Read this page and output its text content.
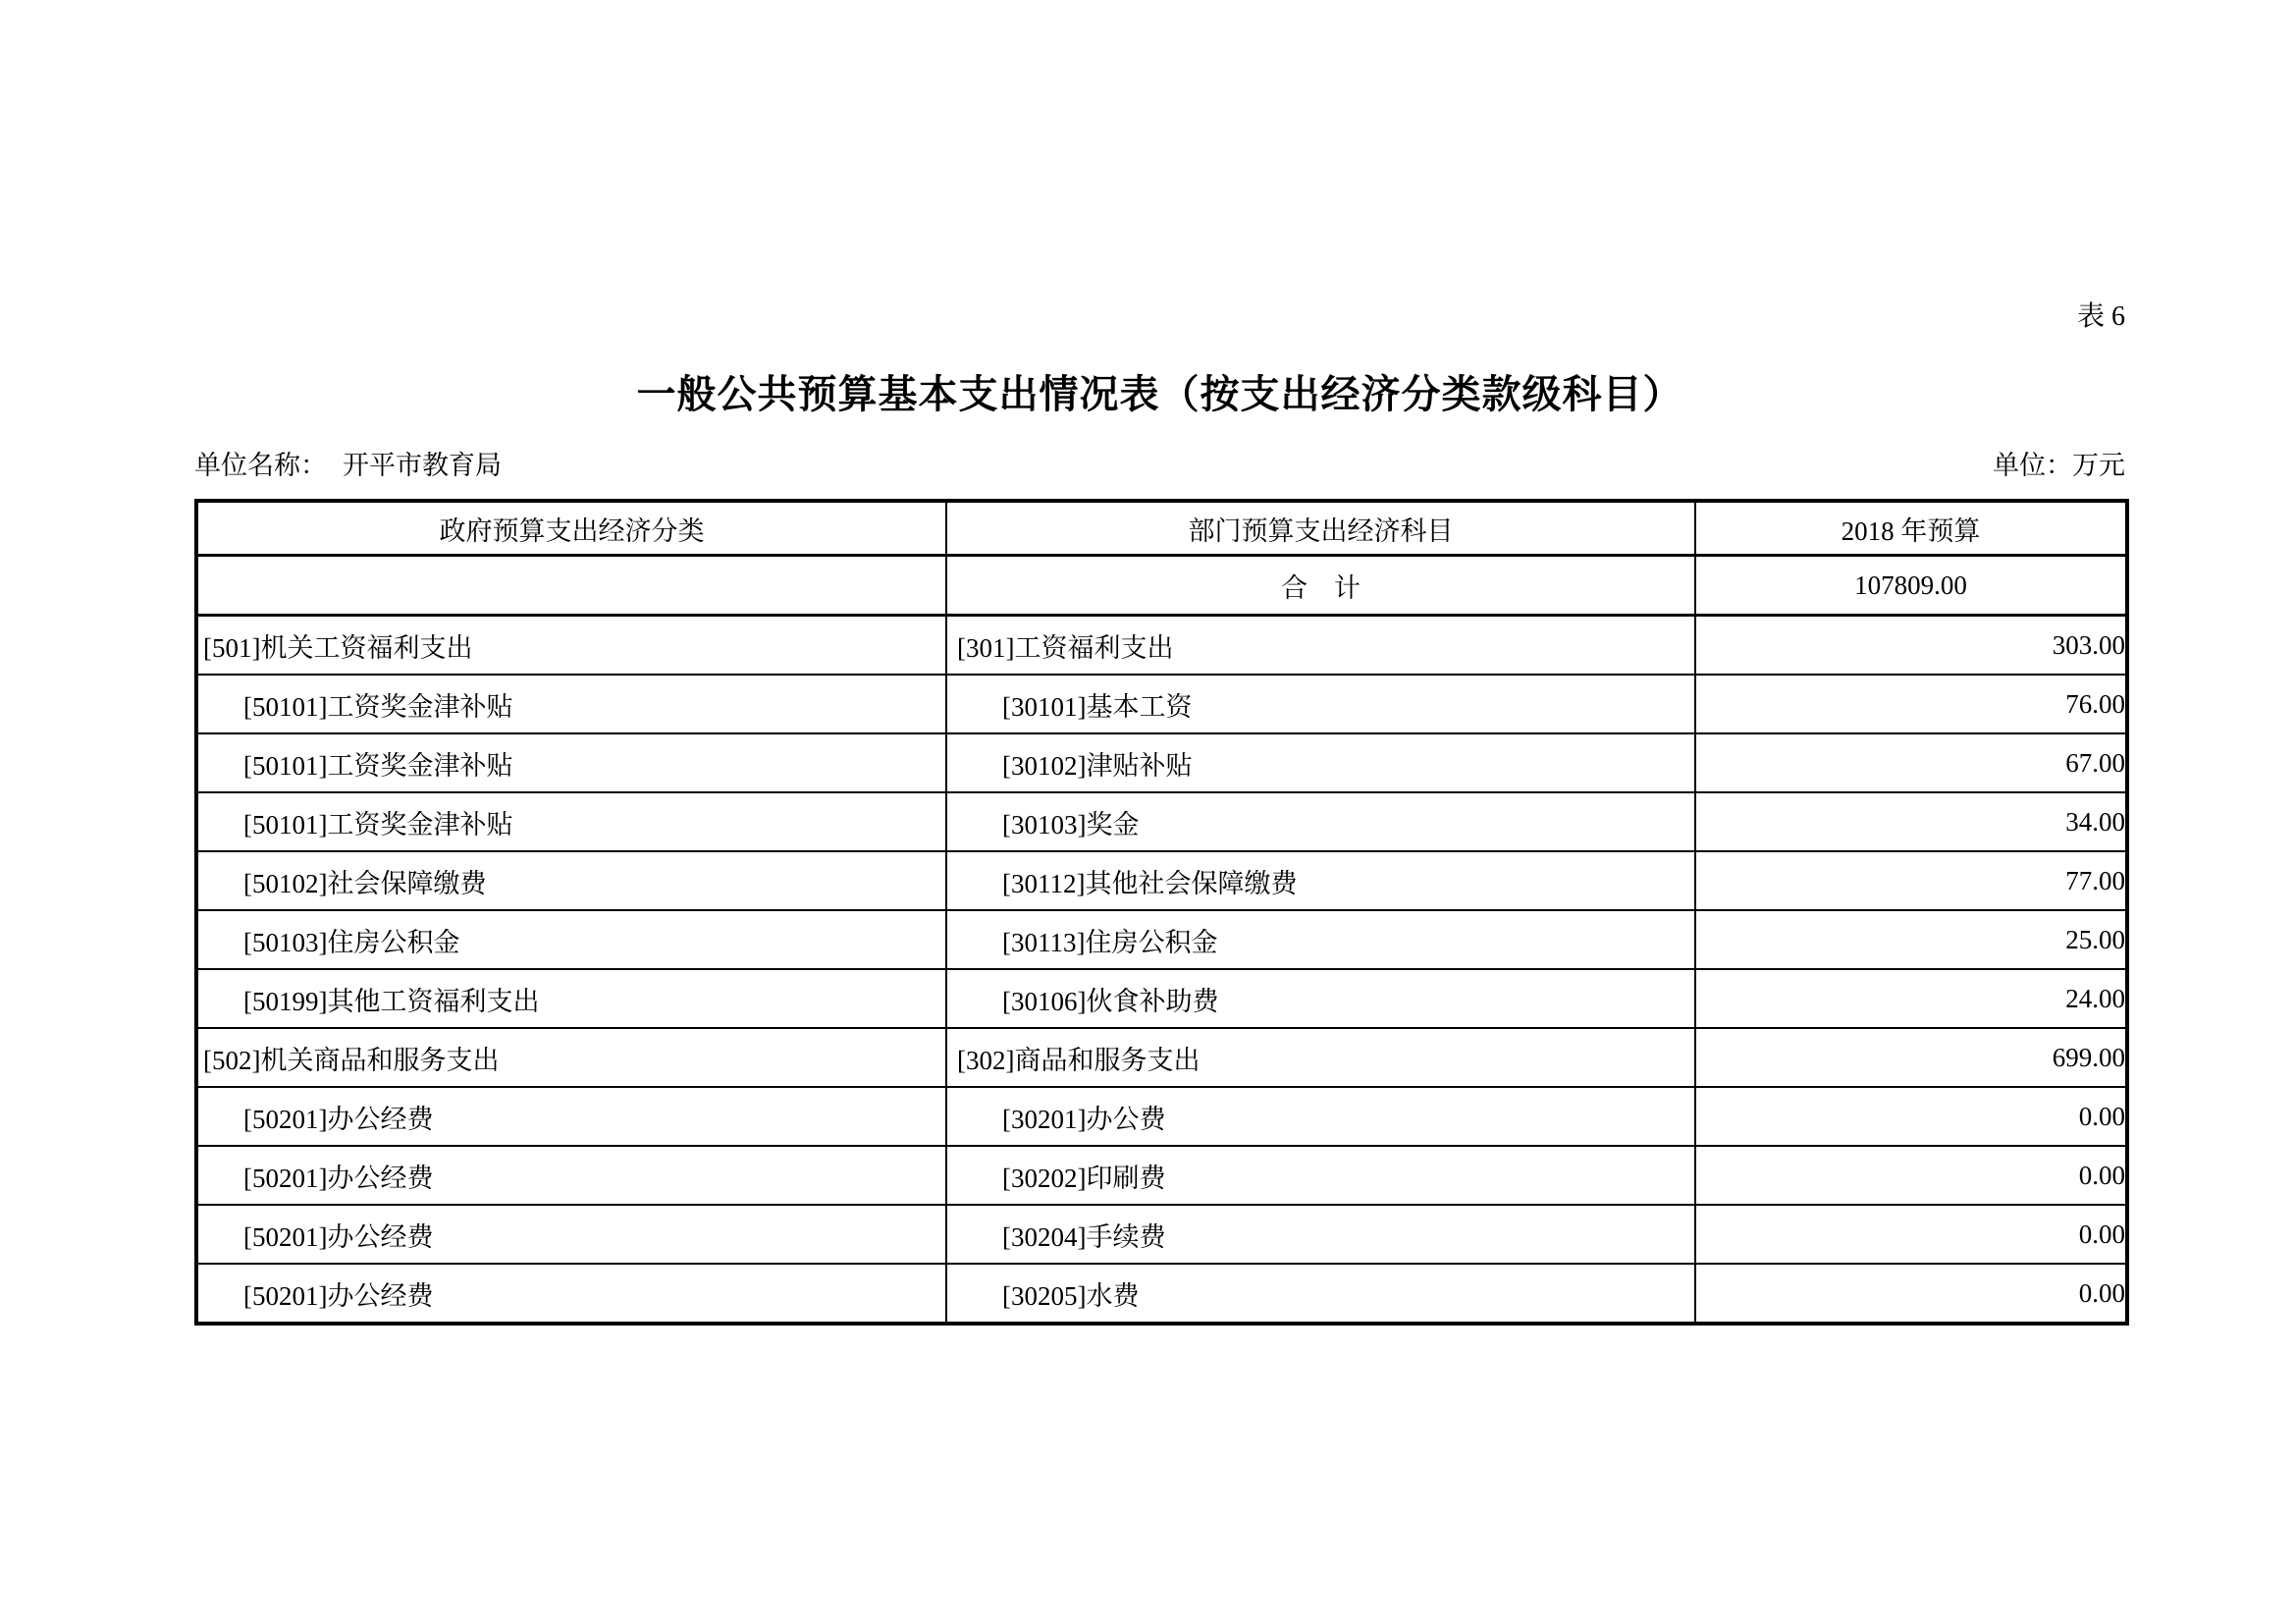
表 6
一般公共预算基本支出情况表（按支出经济分类款级科目）
单位名称： 开平市教育局	单位：万元
政府预算支出经济分类	部门预算支出经济科目	2018 年预算
	合　计	107809.00
[501]机关工资福利支出	[301]工资福利支出	303.00
[50101]工资奖金津补贴	[30101]基本工资	76.00
[50101]工资奖金津补贴	[30102]津贴补贴	67.00
[50101]工资奖金津补贴	[30103]奖金	34.00
[50102]社会保障缴费	[30112]其他社会保障缴费	77.00
[50103]住房公积金	[30113]住房公积金	25.00
[50199]其他工资福利支出	[30106]伙食补助费	24.00
[502]机关商品和服务支出	[302]商品和服务支出	699.00
[50201]办公经费	[30201]办公费	0.00
[50201]办公经费	[30202]印刷费	0.00
[50201]办公经费	[30204]手续费	0.00
[50201]办公经费	[30205]水费	0.00
